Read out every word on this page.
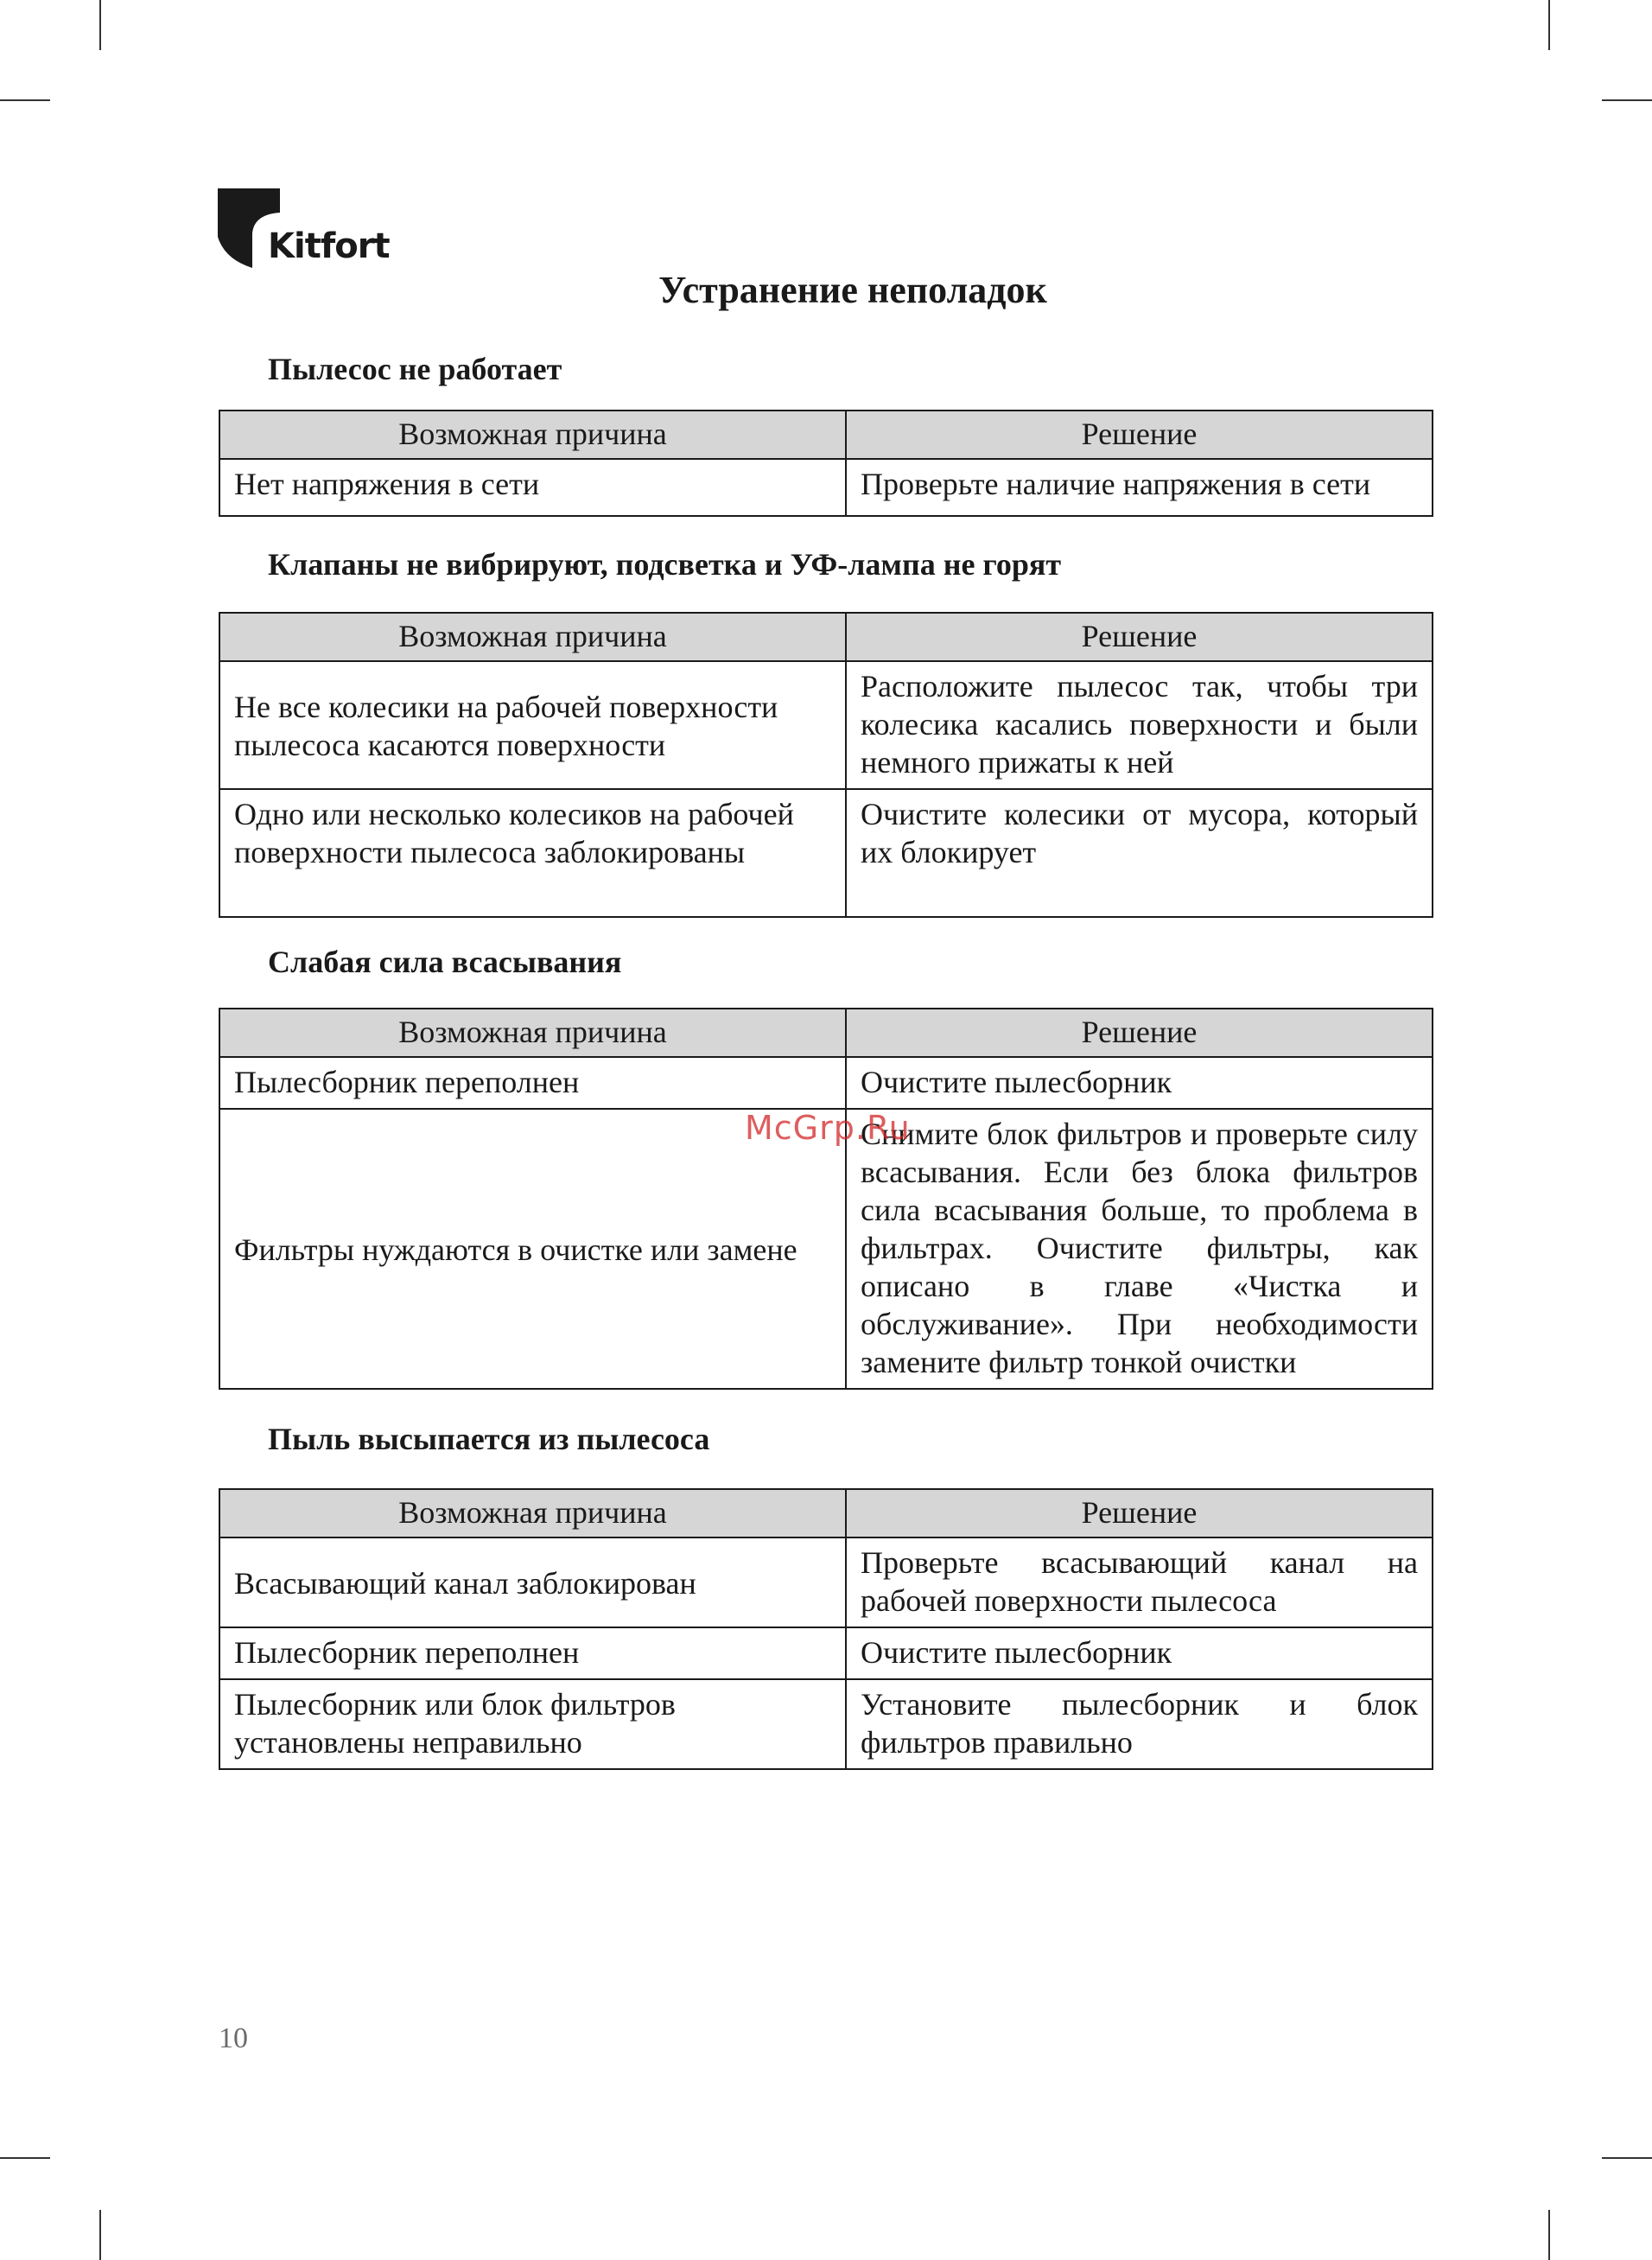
Kitfort
Устранение неполадок
Пылесос не работает
Возможная причина	Решение
Нет напряжения в сети	Проверьте наличие напряжения в сети
Клапаны не вибрируют, подсветка и УФ-лампа не горят
Возможная причина	Решение
Не все колесики на рабочей поверхности пылесоса касаются поверхности	Расположите пылесос так, чтобы три колесика касались поверхности и были немного прижаты к ней
Одно или несколько колесиков на рабочей поверхности пылесоса заблокированы	Очистите колесики от мусора, который их блокирует
Слабая сила всасывания
Возможная причина	Решение
Пылесборник переполнен	Очистите пылесборник
Фильтры нуждаются в очистке или замене	Снимите блок фильтров и проверьте силу всасывания. Если без блока фильтров сила всасывания больше, то проблема в фильтрах. Очистите фильтры, как описано в главе «Чистка и обслуживание». При необходимости замените фильтр тонкой очистки
Пыль высыпается из пылесоса
Возможная причина	Решение
Всасывающий канал заблокирован	Проверьте всасывающий канал на рабочей поверхности пылесоса
Пылесборник переполнен	Очистите пылесборник
Пылесборник или блок фильтров установлены неправильно	Установите пылесборник и блок фильтров правильно
McGrp.Ru
10
